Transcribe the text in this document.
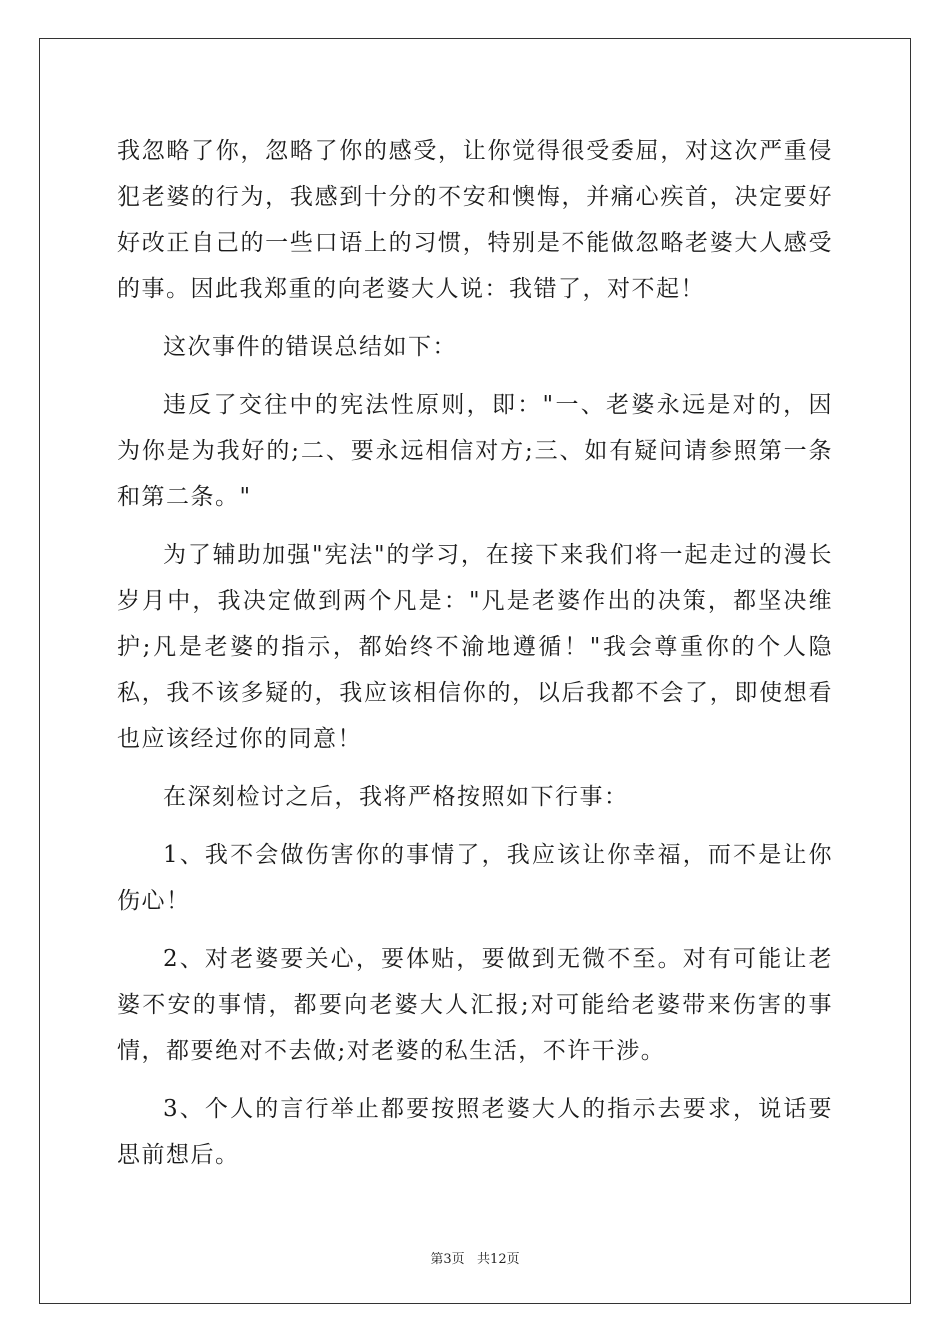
我忽略了你，忽略了你的感受，让你觉得很受委屈，对这次严重侵犯老婆的行为，我感到十分的不安和懊悔，并痛心疾首，决定要好好改正自己的一些口语上的习惯，特别是不能做忽略老婆大人感受的事。因此我郑重的向老婆大人说：我错了，对不起！

这次事件的错误总结如下：

违反了交往中的宪法性原则，即："一、老婆永远是对的，因为你是为我好的;二、要永远相信对方;三、如有疑问请参照第一条和第二条。"

为了辅助加强"宪法"的学习，在接下来我们将一起走过的漫长岁月中，我决定做到两个凡是："凡是老婆作出的决策，都坚决维护;凡是老婆的指示，都始终不渝地遵循！"我会尊重你的个人隐私，我不该多疑的，我应该相信你的，以后我都不会了，即使想看也应该经过你的同意！

在深刻检讨之后，我将严格按照如下行事：

1、我不会做伤害你的事情了，我应该让你幸福，而不是让你伤心！

2、对老婆要关心，要体贴，要做到无微不至。对有可能让老婆不安的事情，都要向老婆大人汇报;对可能给老婆带来伤害的事情，都要绝对不去做;对老婆的私生活，不许干涉。

3、个人的言行举止都要按照老婆大人的指示去要求，说话要思前想后。

第3页   共12页
